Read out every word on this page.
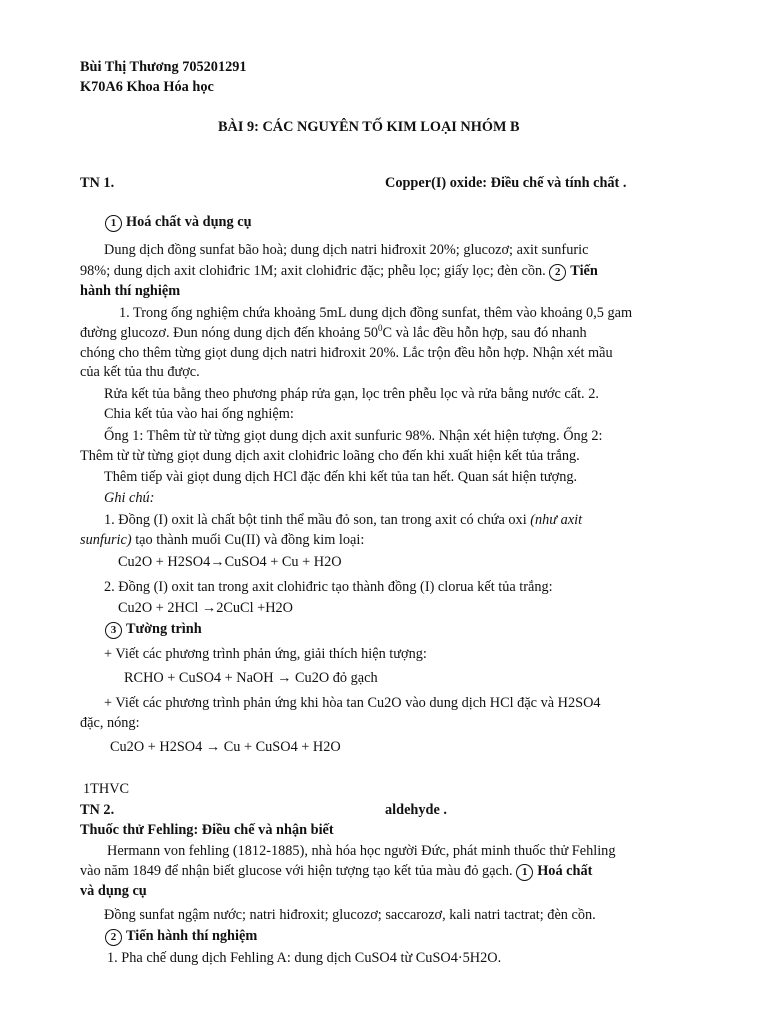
Bùi Thị Thương 705201291
K70A6 Khoa Hóa học
BÀI 9: CÁC NGUYÊN TỐ KIM LOẠI NHÓM B
TN 1.	Copper(I) oxide: Điều chế và tính chất .
1 Hoá chất và dụng cụ
Dung dịch đồng sunfat bão hoà; dung dịch natri hiđroxit 20%; glucozơ; axit sunfuric
98%; dung dịch axit clohiđric 1M; axit clohiđric đặc; phễu lọc; giấy lọc; đèn cồn. 2 Tiến
hành thí nghiệm
1. Trong ống nghiệm chứa khoảng 5mL dung dịch đồng sunfat, thêm vào khoảng 0,5 gam
đường glucozơ. Đun nóng dung dịch đến khoảng $50^0C$ và lắc đều hỗn hợp, sau đó nhanh
chóng cho thêm từng giọt dung dịch natri hiđroxit 20%. Lắc trộn đều hỗn hợp. Nhận xét mầu
của kết tủa thu được.
Rửa kết tủa bằng theo phương pháp rửa gạn, lọc trên phễu lọc và rửa bằng nước cất. 2.
Chia kết tủa vào hai ống nghiệm:
Ống 1: Thêm từ từ từng giọt dung dịch axit sunfuric 98%. Nhận xét hiện tượng. Ống 2:
Thêm từ từ từng giọt dung dịch axit clohiđric loãng cho đến khi xuất hiện kết tủa trắng.
Thêm tiếp vài giọt dung dịch HCl đặc đến khi kết tủa tan hết. Quan sát hiện tượng.
Ghi chú:
1. Đồng (I) oxit là chất bột tinh thể mầu đỏ son, tan trong axit có chứa oxi (như axit
sunfuric) tạo thành muối Cu(II) và đồng kim loại:
Cu2O + H2SO4→CuSO4 + Cu + H2O
2. Đồng (I) oxit tan trong axit clohiđric tạo thành đồng (I) clorua kết tủa trắng:
Cu2O + 2HCl →2CuCl +H2O
3 Tường trình
+ Viết các phương trình phản ứng, giải thích hiện tượng:
RCHO + CuSO4 + NaOH → Cu2O đỏ gạch
+ Viết các phương trình phản ứng khi hòa tan Cu2O vào dung dịch HCl đặc và H2SO4
đặc, nóng:
Cu2O + H2SO4 → Cu + CuSO4 + H2O
1THVC
TN 2.	aldehyde .
Thuốc thử Fehling: Điều chế và nhận biết
Hermann von fehling (1812-1885), nhà hóa học người Đức, phát minh thuốc thử Fehling
vào năm 1849 để nhận biết glucose với hiện tượng tạo kết tủa màu đỏ gạch. 1 Hoá chất
và dụng cụ
Đồng sunfat ngậm nước; natri hiđroxit; glucozơ; saccarozơ, kali natri tactrat; đèn cồn.
2 Tiến hành thí nghiệm
1. Pha chế dung dịch Fehling A: dung dịch CuSO4 từ CuSO4·5H2O.
